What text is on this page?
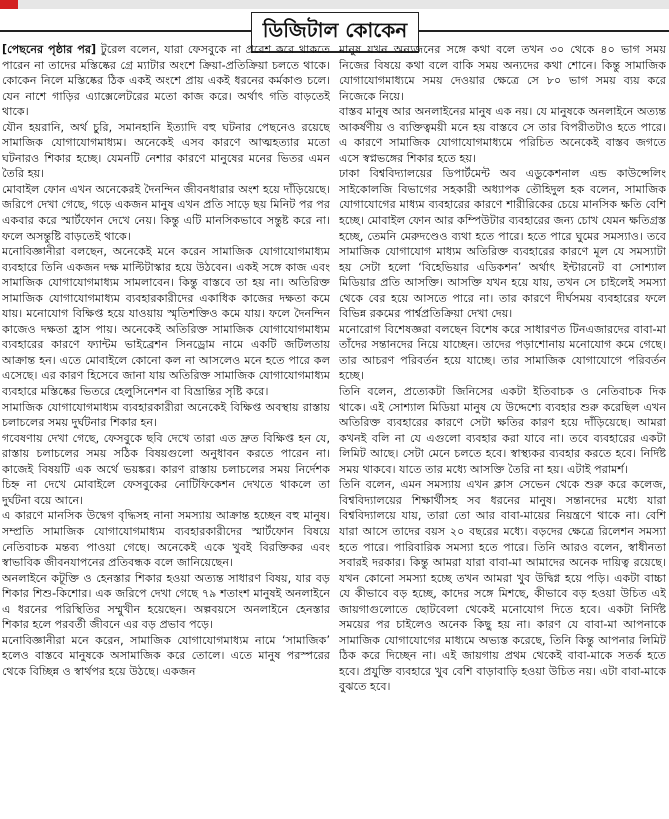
ডিজিটাল কোকেন

[পেছনের পৃষ্ঠার পর] টুরেল বলেন, যারা ফেসবুকে না প্রবেশ করে থাকতে পারেন না তাদের মস্তিষ্কের গ্রে ম্যাটার অংশে ক্রিয়া-প্রতিক্রিয়া চলতে থাকে। কোকেন নিলে মস্তিষ্কের ঠিক একই অংশে প্রায় একই ধরনের কর্মকাণ্ড চলে। যেন নাশে গাড়ির এ্যাক্সেলেটরের মতো কাজ করে। অর্থাৎ গতি বাড়তেই থাকে।

যৌন হয়রানি, অর্থ চুরি, সমানহানি ইত্যাদি বহু ঘটনার পেছনেও রয়েছে সামাজিক যোগাযোগমাধ্যম। অনেকেই এসব কারণে আত্মহত্যার মতো ঘটনারও শিকার হচ্ছে। যেমনটি নেশার কারণে মানুষের মনের ভিতর এমন তৈরি হয়।

মোবাইল ফোন এখন অনেকেরই দৈনন্দিন জীবনধারার অংশ হয়ে দাঁড়িয়েছে। জরিপে দেখা গেছে, গড়ে একজন মানুষ এখন প্রতি সাড়ে ছয় মিনিট পর পর একবার করে স্মার্টফোন দেখে নেয়। কিন্তু এটি মানসিকভাবে সন্তুষ্ট করে না। ফলে অসন্তুষ্টি বাড়তেই থাকে।

মনোবিজ্ঞানীরা বলছেন, অনেকেই মনে করেন সামাজিক যোগাযোগমাধ্যম ব্যবহারে তিনি একজন দক্ষ মাল্টিটাস্কার হয়ে উঠবেন। একই সঙ্গে কাজ এবং সামাজিক যোগাযোগমাধ্যম সামলাবেন। কিন্তু বাস্তবে তা হয় না। অতিরিক্ত সামাজিক যোগাযোগমাধ্যম ব্যবহারকারীদের একাধিক কাজের দক্ষতা কমে যায়। মনোযোগ বিক্ষিপ্ত হয়ে যাওয়ায় স্মৃতিশক্তিও কমে যায়। ফলে দৈনন্দিন কাজেও দক্ষতা হ্রাস পায়। অনেকেই অতিরিক্ত সামাজিক যোগাযোগমাধ্যম ব্যবহারের কারণে ফ্যান্টম ভাইব্রেশন সিনড্রোম নামে একটি জটিলতায় আক্রান্ত হন। এতে মোবাইলে কোনো কল না আসলেও মনে হতে পারে কল এসেছে। এর কারণ হিসেবে জানা যায় অতিরিক্ত সামাজিক যোগাযোগমাধ্যম ব্যবহারে মস্তিষ্কের ভিতরে হেলুসিনেশন বা বিভ্রান্তির সৃষ্টি করে।

সামাজিক যোগাযোগমাধ্যম ব্যবহারকারীরা অনেকেই বিক্ষিপ্ত অবস্থায় রাস্তায় চলাচলের সময় দুর্ঘটনার শিকার হন।

গবেষণায় দেখা গেছে, ফেসবুকে ছবি দেখে তারা এত দ্রুত বিক্ষিপ্ত হন যে, রাস্তায় চলাচলের সময় সঠিক বিষয়গুলো অনুধাবন করতে পারেন না। কাজেই বিষয়টি এক অর্থে ভয়ঙ্কর। কারণ রাস্তায় চলাচলের সময় নির্দেশক চিহ্ন না দেখে মোবাইলে ফেসবুকের নোটিফিকেশন দেখতে থাকলে তা দুর্ঘটনা বয়ে আনে।

এ কারণে মানসিক উদ্বেগ বৃদ্ধিসহ নানা সমস্যায় আক্রান্ত হচ্ছেন বহু মানুষ। সম্প্রতি সামাজিক যোগাযোগমাধ্যম ব্যবহারকারীদের স্মার্টফোন বিষয়ে নেতিবাচক মন্তব্য পাওয়া গেছে। অনেকেই একে খুবই বিরক্তিকর এবং স্বাভাবিক জীবনযাপনের প্রতিবন্ধক বলে জানিয়েছেন।

অনলাইনে কটূক্তি ও হেনস্তার শিকার হওয়া অত্যন্ত সাধারণ বিষয়, যার বড় শিকার শিশু-কিশোর। এক জরিপে দেখা গেছে ৭৯ শতাংশ মানুষই অনলাইনে এ ধরনের পরিস্থিতির সম্মুখীন হয়েছেন। অল্পবয়সে অনলাইনে হেনস্তার শিকার হলে পরবর্তী জীবনে এর বড় প্রভাব পড়ে।

মনোবিজ্ঞানীরা মনে করেন, সামাজিক যোগাযোগমাধ্যম নামে ‘সামাজিক’ হলেও বাস্তবে মানুষকে অসামাজিক করে তোলে। এতে মানুষ পরস্পরের থেকে বিচ্ছিন্ন ও স্বার্থপর হয়ে উঠছে। একজন

মানুষ যখন অন্যজনের সঙ্গে কথা বলে তখন ৩০ থেকে ৪০ ভাগ সময় নিজের বিষয়ে কথা বলে বাকি সময় অন্যদের কথা শোনে। কিন্তু সামাজিক যোগাযোগমাধ্যমে সময় দেওয়ার ক্ষেত্রে সে ৮০ ভাগ সময় ব্যয় করে নিজেকে নিয়ে।

বাস্তব মানুষ আর অনলাইনের মানুষ এক নয়। যে মানুষকে অনলাইনে অত্যন্ত আকর্ষণীয় ও ব্যক্তিত্বময়ী মনে হয় বাস্তবে সে তার বিপরীতটাও হতে পারে। এ কারণে সামাজিক যোগাযোগমাধ্যমে পরিচিত অনেকেই বাস্তব জগতে এসে স্বপ্নভঙ্গের শিকার হতে হয়।

ঢাকা বিশ্ববিদ্যালয়ের ডিপার্টমেন্ট অব এডুকেশনাল এন্ড কাউন্সেলিং সাইকোলজি বিভাগের সহকারী অধ্যাপক তৌহিদুল হক বলেন, সামাজিক যোগাযোগের মাধ্যম ব্যবহারের কারণে শারীরিকের চেয়ে মানসিক ক্ষতি বেশি হচ্ছে। মোবাইল ফোন আর কম্পিউটার ব্যবহারের জন্য চোখ যেমন ক্ষতিগ্রস্ত হচ্ছে, তেমনি মেরুদণ্ডেও ব্যথা হতে পারে। হতে পারে ঘুমের সমস্যাও। তবে সামাজিক যোগাযোগ মাধ্যম অতিরিক্ত ব্যবহারের কারণে মূল যে সমস্যাটা হয় সেটা হলো ‘বিহেভিয়ার এডিকশন’ অর্থাৎ ইন্টারনেট বা সোশ্যাল মিডিয়ার প্রতি আসক্তি। আসক্তি যখন হয়ে যায়, তখন সে চাইলেই সমস্যা থেকে বের হয়ে আসতে পারে না। তার কারণে দীর্ঘসময় ব্যবহারের ফলে বিভিন্ন রকমের পার্শ্বপ্রতিক্রিয়া দেখা দেয়।

মনোরোগ বিশেষজ্ঞরা বলছেন বিশেষ করে সাধারণত টিনএজারদের বাবা-মা তাঁদের সন্তানদের নিয়ে যাচ্ছেন। তাদের পড়াশোনায় মনোযোগ কমে গেছে। তার আচরণ পরিবর্তন হয়ে যাচ্ছে। তার সামাজিক যোগাযোগে পরিবর্তন হচ্ছে।

তিনি বলেন, প্রত্যেকটা জিনিসের একটা ইতিবাচক ও নেতিবাচক দিক থাকে। এই সোশ্যাল মিডিয়া মানুষ যে উদ্দেশ্যে ব্যবহার শুরু করেছিল এখন অতিরিক্ত ব্যবহারের কারণে সেটা ক্ষতির কারণ হয়ে দাঁড়িয়েছে। আমরা কখনই বলি না যে এগুলো ব্যবহার করা যাবে না। তবে ব্যবহারের একটা লিমিট আছে। সেটা মেনে চলতে হবে। স্বাস্থ্যকর ব্যবহার করতে হবে। নির্দিষ্ট সময় থাকবে। যাতে তার মধ্যে আসক্তি তৈরি না হয়। এটাই পরামর্শ।

তিনি বলেন, এমন সমস্যায় এখন ক্লাস সেভেন থেকে শুরু করে কলেজ, বিশ্ববিদ্যালয়ের শিক্ষার্থীসহ সব ধরনের মানুষ। সন্তানদের মধ্যে যারা বিশ্ববিদ্যালয়ে যায়, তারা তো আর বাবা-মায়ের নিয়ন্ত্রণে থাকে না। বেশি যারা আসে তাদের বয়স ২০ বছরের মধ্যে। বড়দের ক্ষেত্রে রিলেশন সমস্যা হতে পারে। পারিবারিক সমস্যা হতে পারে। তিনি আরও বলেন, স্বাধীনতা সবারই দরকার। কিন্তু আমরা যারা বাবা-মা আমাদের অনেক দায়িত্ব রয়েছে। যখন কোনো সমস্যা হচ্ছে তখন আমরা খুব উদ্বিগ্ন হয়ে পড়ি। একটা বাচ্চা যে কীভাবে বড় হচ্ছে, কাদের সঙ্গে মিশছে, কীভাবে বড় হওয়া উচিত এই জায়গাগুলোতে ছোটবেলা থেকেই মনোযোগ দিতে হবে। একটা নির্দিষ্ট সময়ের পর চাইলেও অনেক কিছু হয় না। কারণ যে বাবা-মা আপনাকে সামাজিক যোগাযোগের মাধ্যমে অভ্যস্ত করেছে, তিনি কিন্তু আপনার লিমিট ঠিক করে দিচ্ছেন না। এই জায়গায় প্রথম থেকেই বাবা-মাকে সতর্ক হতে হবে। প্রযুক্তি ব্যবহারে খুব বেশি বাড়াবাড়ি হওয়া উচিত নয়। এটা বাবা-মাকে বুঝতে হবে।
